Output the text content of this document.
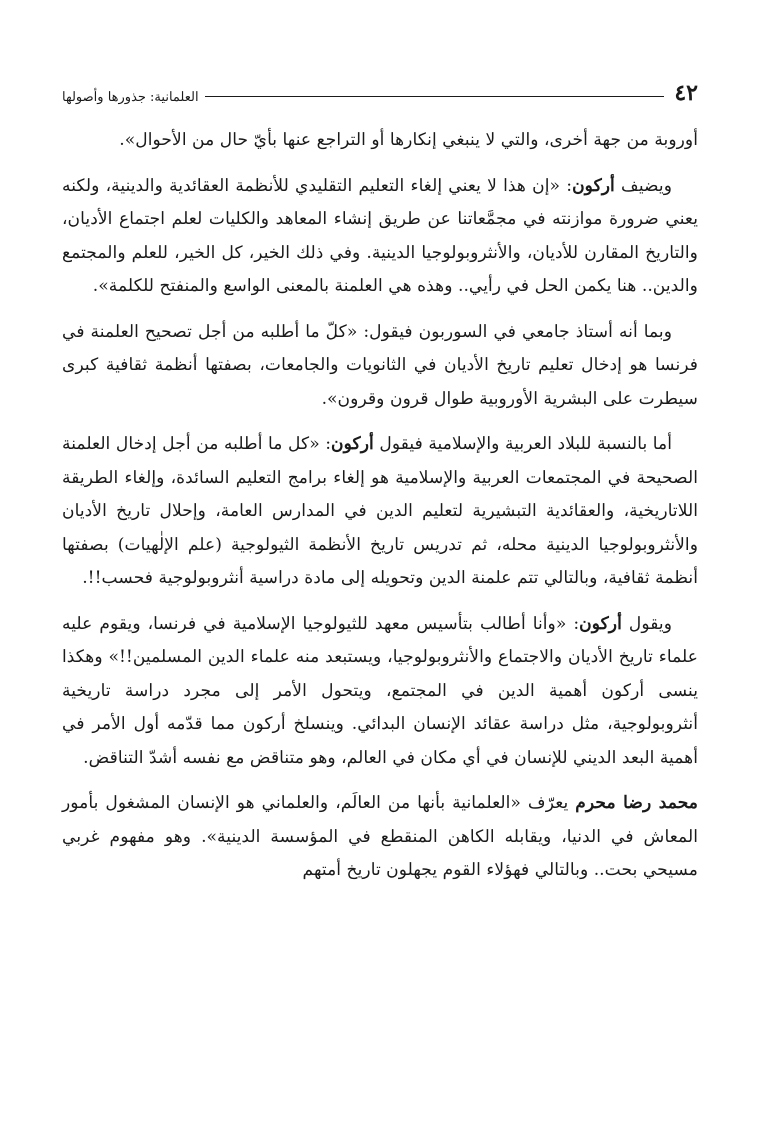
٤٢
العلمانية: جذورها وأصولها

أوروبة من جهة أخرى، والتي لا ينبغي إنكارها أو التراجع عنها بأيّ حال من الأحوال».

ويضيف أركون: «إن هذا لا يعني إلغاء التعليم التقليدي للأنظمة العقائدية والدينية، ولكنه يعني ضرورة موازنته في مجمَّعاتنا عن طريق إنشاء المعاهد والكليات لعلم اجتماع الأديان، والتاريخ المقارن للأديان، والأنثروبولوجيا الدينية. وفي ذلك الخير، كل الخير، للعلم والمجتمع والدين.. هنا يكمن الحل في رأيي.. وهذه هي العلمنة بالمعنى الواسع والمنفتح للكلمة».

وبما أنه أستاذ جامعي في السوربون فيقول: «كلّ ما أطلبه من أجل تصحيح العلمنة في فرنسا هو إدخال تعليم تاريخ الأديان في الثانويات والجامعات، بصفتها أنظمة ثقافية كبرى سيطرت على البشرية الأوروبية طوال قرون وقرون».

أما بالنسبة للبلاد العربية والإسلامية فيقول أركون: «كل ما أطلبه من أجل إدخال العلمنة الصحيحة في المجتمعات العربية والإسلامية هو إلغاء برامج التعليم السائدة، وإلغاء الطريقة اللاتاريخية، والعقائدية التبشيرية لتعليم الدين في المدارس العامة، وإحلال تاريخ الأديان والأنثروبولوجيا الدينية محله، ثم تدريس تاريخ الأنظمة الثيولوجية (علم الإلٰهيات) بصفتها أنظمة ثقافية، وبالتالي تتم علمنة الدين وتحويله إلى مادة دراسية أنثروبولوجية فحسب!!.

ويقول أركون: «وأنا أطالب بتأسيس معهد للثيولوجيا الإسلامية في فرنسا، ويقوم عليه علماء تاريخ الأديان والاجتماع والأنثروبولوجيا، ويستبعد منه علماء الدين المسلمين!!» وهكذا ينسى أركون أهمية الدين في المجتمع، ويتحول الأمر إلى مجرد دراسة تاريخية أنثروبولوجية، مثل دراسة عقائد الإنسان البدائي. وينسلخ أركون مما قدّمه أول الأمر في أهمية البعد الديني للإنسان في أي مكان في العالم، وهو متناقض مع نفسه أشدّ التناقض.

محمد رضا محرم يعرّف «العلمانية بأنها من العالَم، والعلماني هو الإنسان المشغول بأمور المعاش في الدنيا، ويقابله الكاهن المنقطع في المؤسسة الدينية». وهو مفهوم غربي مسيحي بحت.. وبالتالي فهؤلاء القوم يجهلون تاريخ أمتهم
